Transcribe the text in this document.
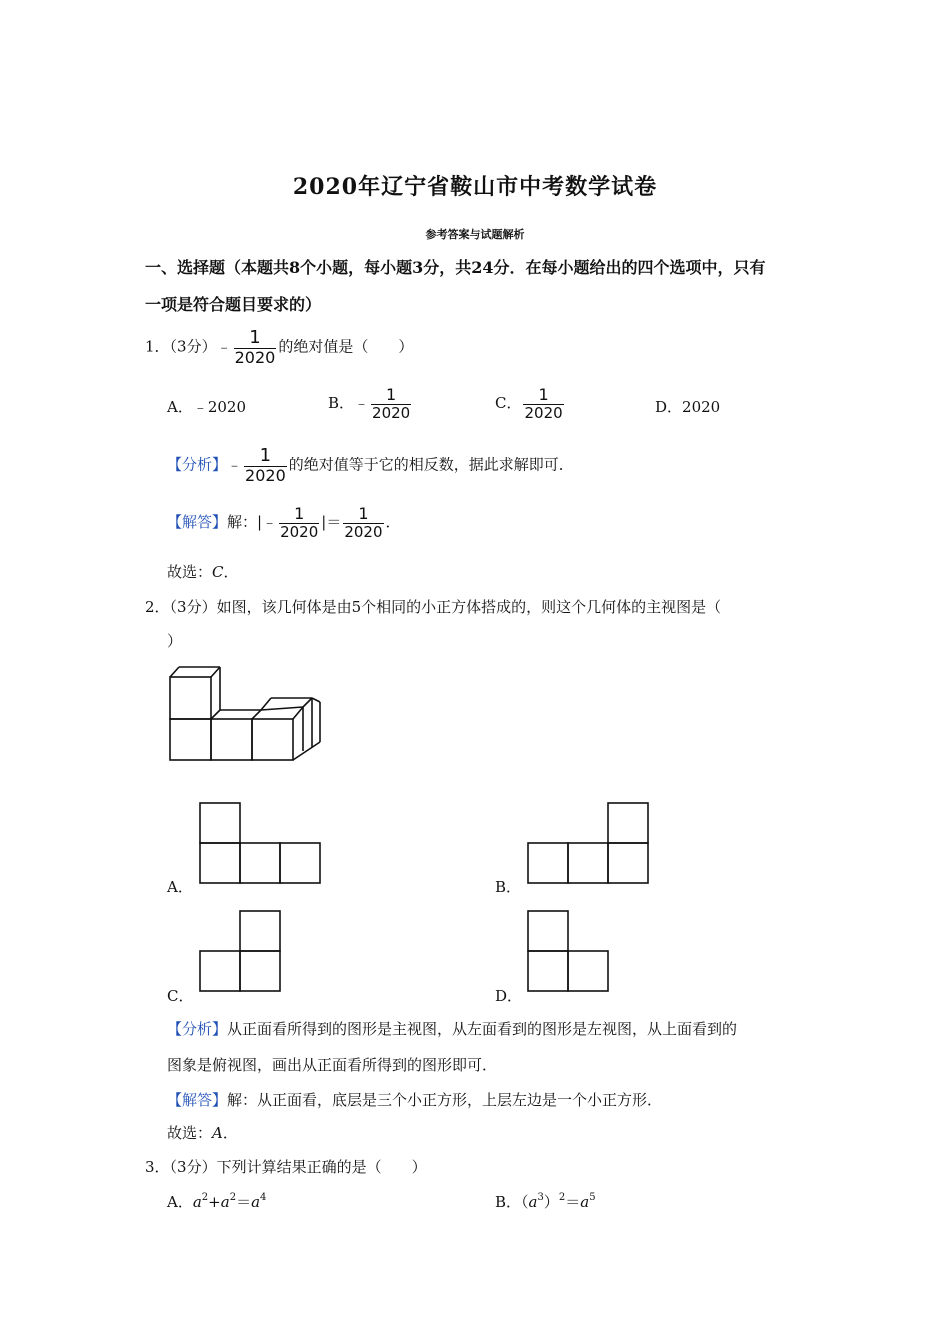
2020年辽宁省鞍山市中考数学试卷
参考答案与试题解析
一、选择题（本题共8个小题，每小题3分，共24分．在每小题给出的四个选项中，只有
一项是符合题目要求的）
1．（3分）﹣ $\frac{1}{2020}$ 的绝对值是（　　）
A．﹣2020	B．﹣ $\frac{1}{2020}$	C． $\frac{1}{2020}$	D．2020
【分析】﹣ $\frac{1}{2020}$ 的绝对值等于它的相反数，据此求解即可．
【解答】解：|﹣ $\frac{1}{2020}$ |＝ $\frac{1}{2020}$ ．
故选：C．
2．（3分）如图，该几何体是由5个相同的小正方体搭成的，则这个几何体的主视图是（
）
A．	B．
C．	D．
【分析】从正面看所得到的图形是主视图，从左面看到的图形是左视图，从上面看到的
图象是俯视图，画出从正面看所得到的图形即可．
【解答】解：从正面看，底层是三个小正方形，上层左边是一个小正方形．
故选：A．
3．（3分）下列计算结果正确的是（　　）
A．$a^2+a^2=a^4$	B．$(a^3)^2=a^5$
